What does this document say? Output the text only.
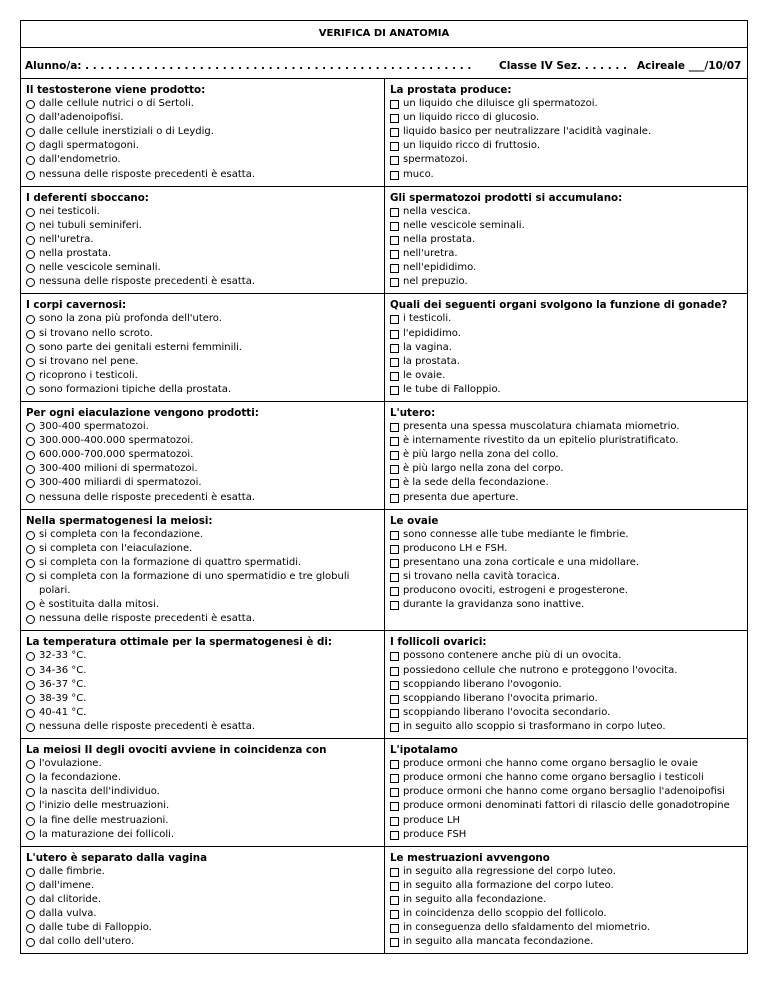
VERIFICA DI ANATOMIA
Alunno/a: . . . . . . . . . . . . . . . . . . . . . . . . . . . . . . . . . . . . . . . . . . . . . . . . . . .	Classe IV Sez. . . . . . . Acireale ___/10/07
Il testosterone viene prodotto:
dalle cellule nutrici o di Sertoli.
dall'adenoipofisi.
dalle cellule inerstiziali o di Leydig.
dagli spermatogoni.
dall'endometrio.
nessuna delle risposte precedenti è esatta.
La prostata produce:
un liquido che diluisce gli spermatozoi.
un liquido ricco di glucosio.
liquido basico per neutralizzare l'acidità vaginale.
un liquido ricco di fruttosio.
spermatozoi.
muco.
I deferenti sboccano:
nei testicoli.
nei tubuli seminiferi.
nell'uretra.
nella prostata.
nelle vescicole seminali.
nessuna delle risposte precedenti è esatta.
Gli spermatozoi prodotti si accumulano:
nella vescica.
nelle vescicole seminali.
nella prostata.
nell'uretra.
nell'epididimo.
nel prepuzio.
I corpi cavernosi:
sono la zona più profonda dell'utero.
si trovano nello scroto.
sono parte dei genitali esterni femminili.
si trovano nel pene.
ricoprono i testicoli.
sono formazioni tipiche della prostata.
Quali dei seguenti organi svolgono la funzione di gonade?
i testicoli.
l'epididimo.
la vagina.
la prostata.
le ovaie.
le tube di Falloppio.
Per ogni eiaculazione vengono prodotti:
300-400 spermatozoi.
300.000-400.000 spermatozoi.
600.000-700.000 spermatozoi.
300-400 milioni di spermatozoi.
300-400 miliardi di spermatozoi.
nessuna delle risposte precedenti è esatta.
L'utero:
presenta una spessa muscolatura chiamata miometrio.
è internamente rivestito da un epitelio pluristratificato.
è più largo nella zona del collo.
è più largo nella zona del corpo.
è la sede della fecondazione.
presenta due aperture.
Nella spermatogenesi la meiosi:
si completa con la fecondazione.
si completa con l'eiaculazione.
si completa con la formazione di quattro spermatidi.
si completa con la formazione di uno spermatidio e tre globuli polari.
è sostituita dalla mitosi.
nessuna delle risposte precedenti è esatta.
Le ovaie
sono connesse alle tube mediante le fimbrie.
producono LH e FSH.
presentano una zona corticale e una midollare.
si trovano nella cavità toracica.
producono ovociti, estrogeni e progesterone.
durante la gravidanza sono inattive.
La temperatura ottimale per la spermatogenesi è di:
32-33 °C.
34-36 °C.
36-37 °C.
38-39 °C.
40-41 °C.
nessuna delle risposte precedenti è esatta.
I follicoli ovarici:
possono contenere anche più di un ovocita.
possiedono cellule che nutrono e proteggono l'ovocita.
scoppiando liberano l'ovogonio.
scoppiando liberano l'ovocita primario.
scoppiando liberano l'ovocita secondario.
in seguito allo scoppio si trasformano in corpo luteo.
La meiosi II degli ovociti avviene in coincidenza con
l'ovulazione.
la fecondazione.
la nascita dell'individuo.
l'inizio delle mestruazioni.
la fine delle mestruazioni.
la maturazione dei follicoli.
L'ipotalamo
produce ormoni che hanno come organo bersaglio le ovaie
produce ormoni che hanno come organo bersaglio i testicoli
produce ormoni che hanno come organo bersaglio l'adenoipofisi
produce ormoni denominati fattori di rilascio delle gonadotropine
produce LH
produce FSH
L'utero è separato dalla vagina
dalle fimbrie.
dall'imene.
dal clitoride.
dalla vulva.
dalle tube di Falloppio.
dal collo dell'utero.
Le mestruazioni avvengono
in seguito alla regressione del corpo luteo.
in seguito alla formazione del corpo luteo.
in seguito alla fecondazione.
in coincidenza dello scoppio del follicolo.
in conseguenza dello sfaldamento del miometrio.
in seguito alla mancata fecondazione.
